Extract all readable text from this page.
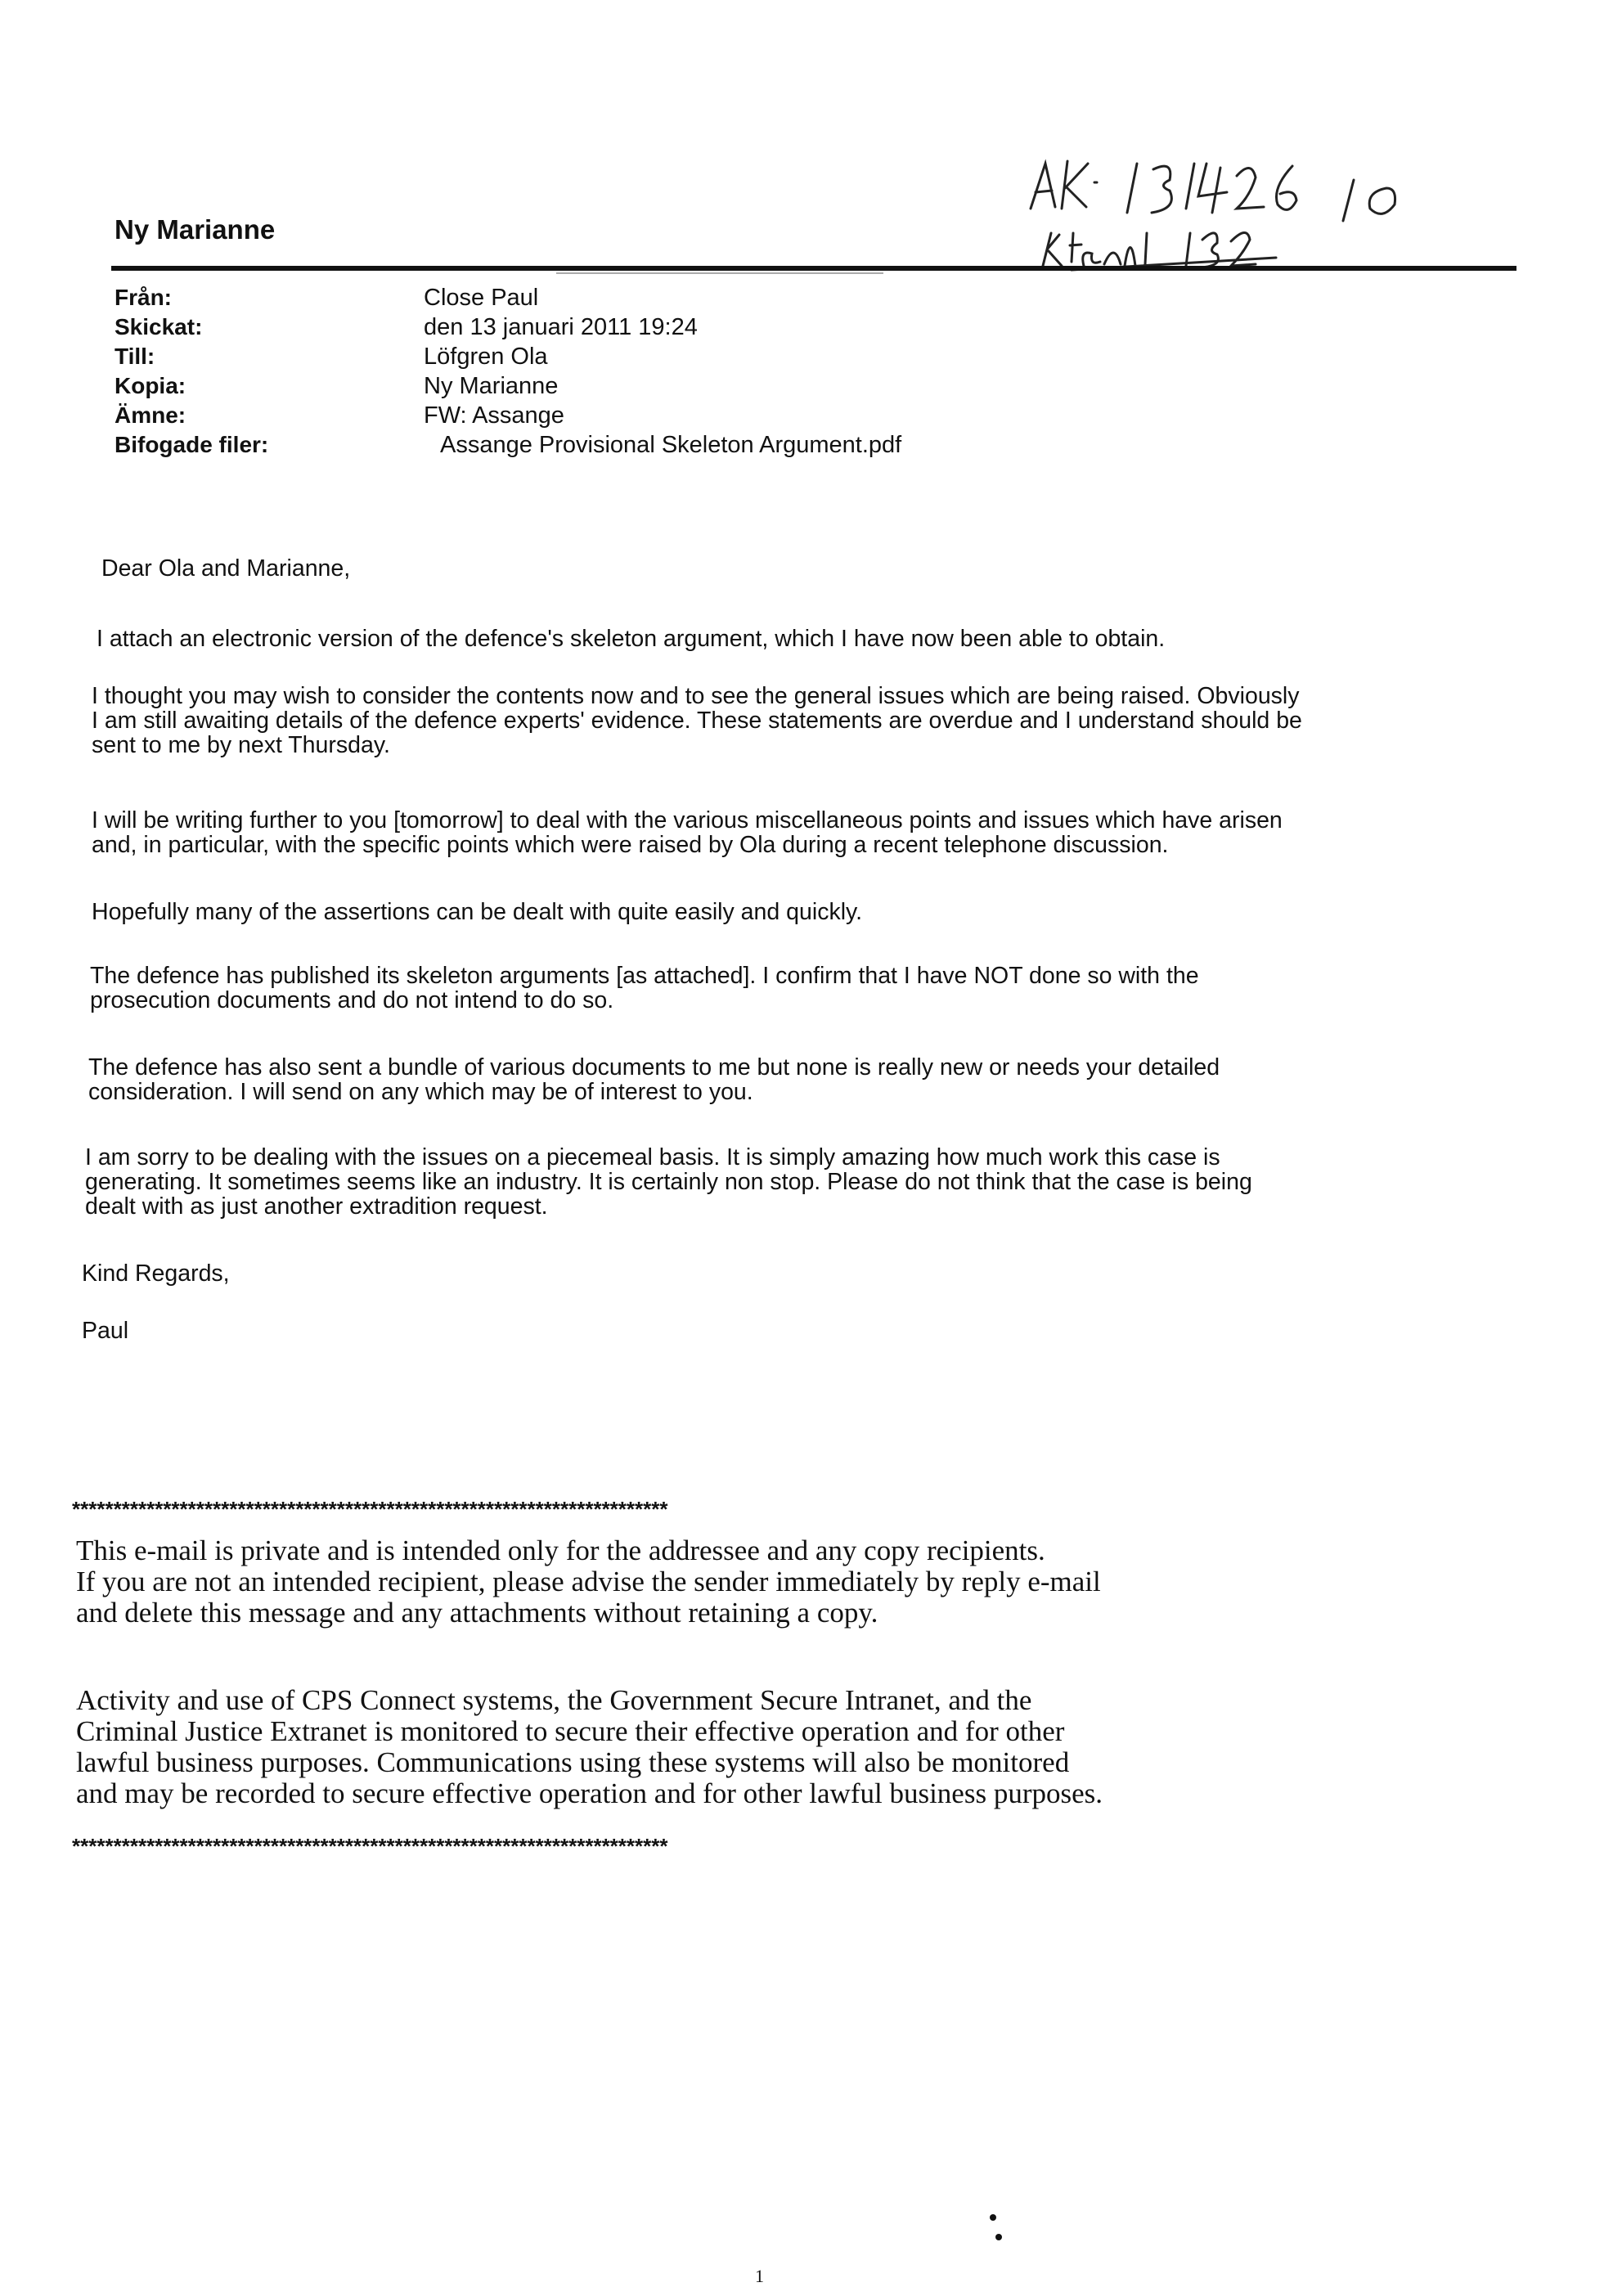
Ny Marianne
Från:	Close Paul
Skickat:	den 13 januari 2011 19:24
Till:	Löfgren Ola
Kopia:	Ny Marianne
Ämne:	FW: Assange
Bifogade filer:	Assange Provisional Skeleton Argument.pdf
Dear Ola and Marianne,
I attach an electronic version of the defence's skeleton argument, which I have now been able to obtain.
I thought you may wish to consider the contents now and to see the general issues which are being raised. Obviously
I am still awaiting details of the defence experts' evidence. These statements are overdue and I understand should be
sent to me by next Thursday.
I will be writing further to you [tomorrow] to deal with the various miscellaneous points and issues which have arisen
and, in particular, with the specific points which were raised by Ola during a recent telephone discussion.
Hopefully many of the assertions can be dealt with quite easily and quickly.
The defence has published its skeleton arguments [as attached]. I confirm that I have NOT done so with the
prosecution documents and do not intend to do so.
The defence has also sent a bundle of various documents to me but none is really new or needs your detailed
consideration. I will send on any which may be of interest to you.
I am sorry to be dealing with the issues on a piecemeal basis. It is simply amazing how much work this case is
generating. It sometimes seems like an industry. It is certainly non stop. Please do not think that the case is being
dealt with as just another extradition request.
Kind Regards,
Paul
************************************************************************
This e-mail is private and is intended only for the addressee and any copy recipients.
If you are not an intended recipient, please advise the sender immediately by reply e-mail
and delete this message and any attachments without retaining a copy.
Activity and use of CPS Connect systems, the Government Secure Intranet, and the
Criminal Justice Extranet is monitored to secure their effective operation and for other
lawful business purposes. Communications using these systems will also be monitored
and may be recorded to secure effective operation and for other lawful business purposes.
************************************************************************
1
